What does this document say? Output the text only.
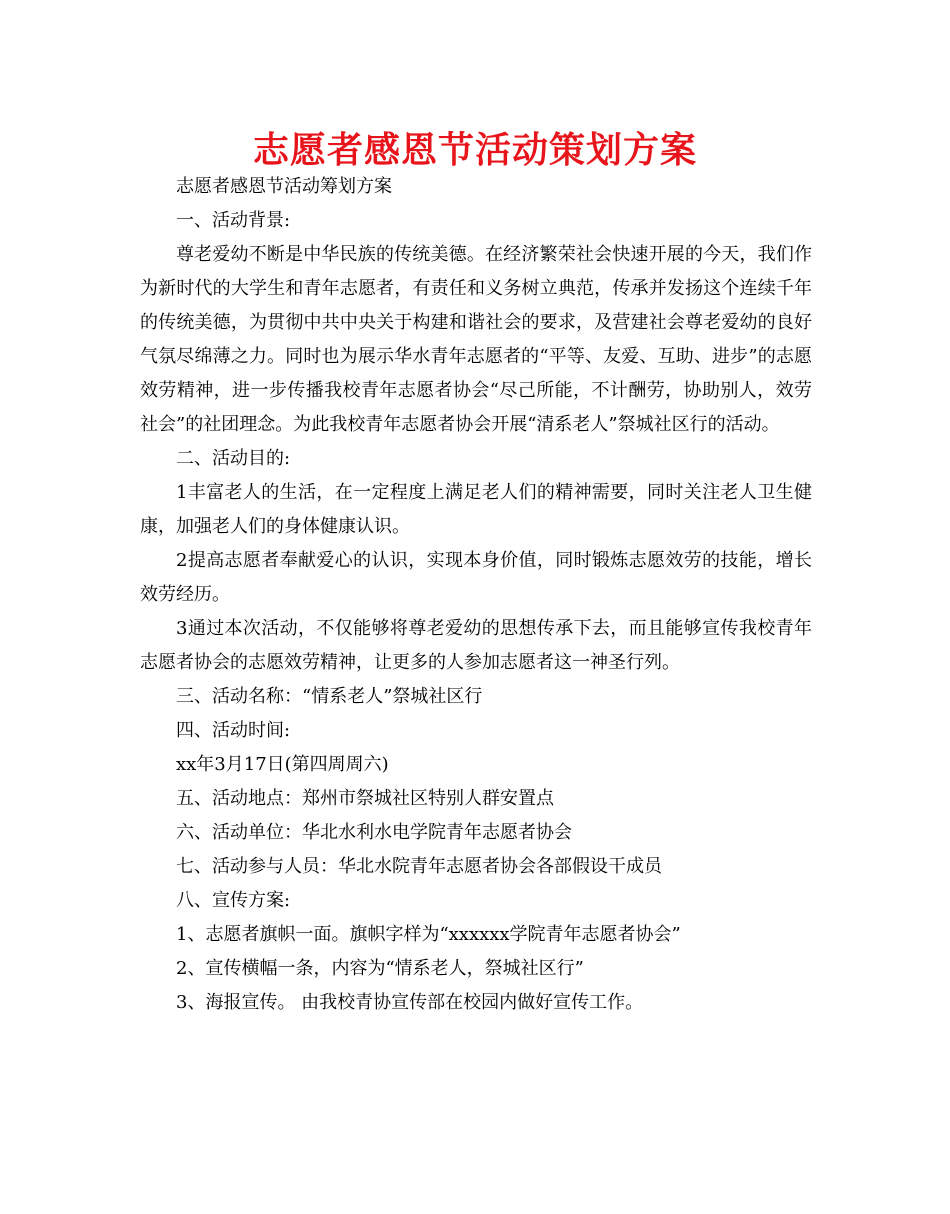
志愿者感恩节活动策划方案

志愿者感恩节活动筹划方案

一、活动背景:

尊老爱幼不断是中华民族的传统美德。在经济繁荣社会快速开展的今天，我们作为新时代的大学生和青年志愿者，有责任和义务树立典范，传承并发扬这个连续千年的传统美德，为贯彻中共中央关于构建和谐社会的要求，及营建社会尊老爱幼的良好气氛尽绵薄之力。同时也为展示华水青年志愿者的“平等、友爱、互助、进步”的志愿效劳精神，进一步传播我校青年志愿者协会“尽己所能，不计酬劳，协助别人，效劳社会”的社团理念。为此我校青年志愿者协会开展“清系老人”祭城社区行的活动。

二、活动目的:

1丰富老人的生活，在一定程度上满足老人们的精神需要，同时关注老人卫生健康，加强老人们的身体健康认识。

2提高志愿者奉献爱心的认识，实现本身价值，同时锻炼志愿效劳的技能，增长效劳经历。

3通过本次活动，不仅能够将尊老爱幼的思想传承下去，而且能够宣传我校青年志愿者协会的志愿效劳精神，让更多的人参加志愿者这一神圣行列。

三、活动名称：“情系老人”祭城社区行

四、活动时间:

xx年3月17日(第四周周六)

五、活动地点：郑州市祭城社区特别人群安置点

六、活动单位：华北水利水电学院青年志愿者协会

七、活动参与人员：华北水院青年志愿者协会各部假设干成员

八、宣传方案:

1、志愿者旗帜一面。旗帜字样为“xxxxxx学院青年志愿者协会”

2、宣传横幅一条，内容为“情系老人，祭城社区行”

3、海报宣传。 由我校青协宣传部在校园内做好宣传工作。
